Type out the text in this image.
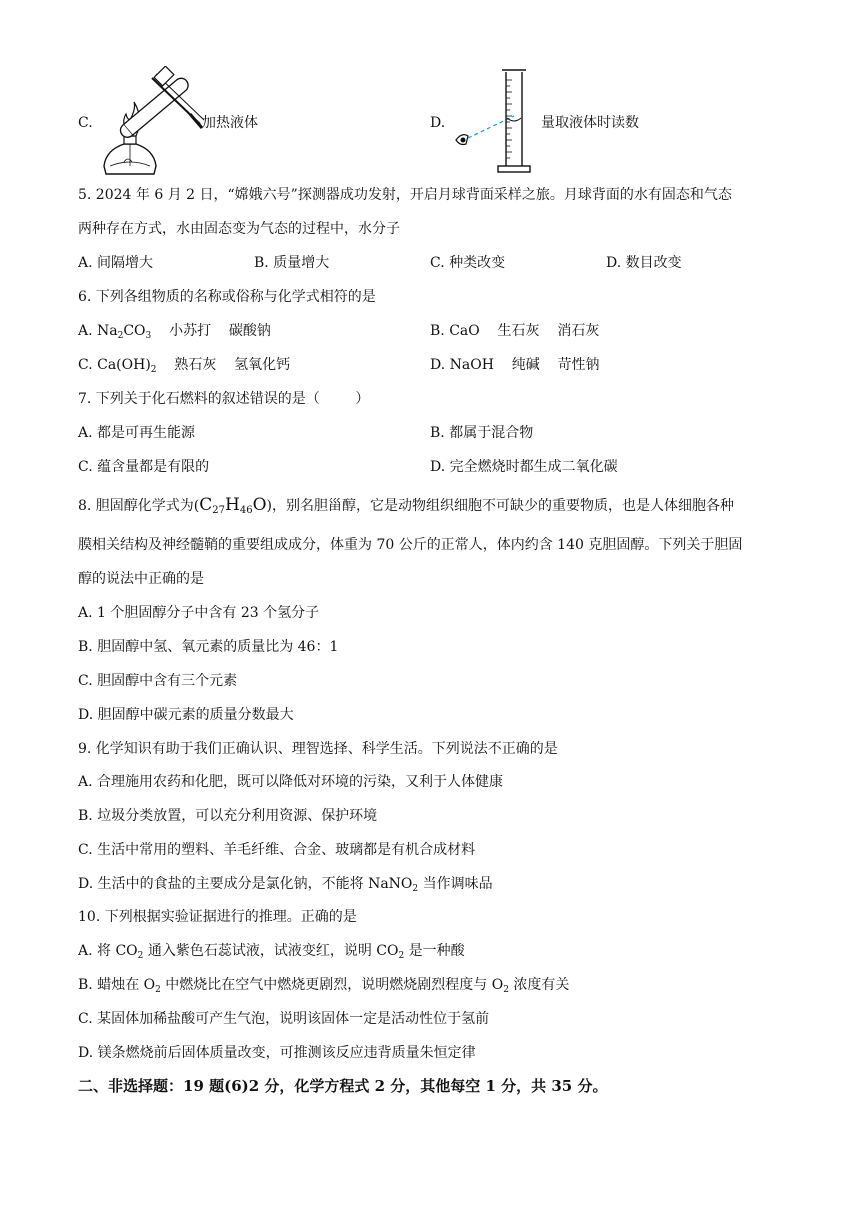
C.	加热液体	D.	量取液体时读数
5. 2024 年 6 月 2 日，“嫦娥六号”探测器成功发射，开启月球背面采样之旅。月球背面的水有固态和气态
两种存在方式，水由固态变为气态的过程中，水分子
A. 间隔增大	B. 质量增大	C. 种类改变	D. 数目改变
6. 下列各组物质的名称或俗称与化学式相符的是
A. $Na_2CO_3$    小苏打    碳酸钠	B. CaO    生石灰    消石灰
C. $Ca(OH)_2$    熟石灰    氢氧化钙	D. NaOH    纯碱    苛性钠
7. 下列关于化石燃料的叙述错误的是（        ）
A. 都是可再生能源	B. 都属于混合物
C. 蕴含量都是有限的	D. 完全燃烧时都生成二氧化碳
8. 胆固醇化学式为$(C_{27}H_{46}O)$，别名胆甾醇，它是动物组织细胞不可缺少的重要物质，也是人体细胞各种
膜相关结构及神经髓鞘的重要组成成分，体重为 70 公斤的正常人，体内约含 140 克胆固醇。下列关于胆固
醇的说法中正确的是
A. 1 个胆固醇分子中含有 23 个氢分子
B. 胆固醇中氢、氧元素的质量比为 46：1
C. 胆固醇中含有三个元素
D. 胆固醇中碳元素的质量分数最大
9. 化学知识有助于我们正确认识、理智选择、科学生活。下列说法不正确的是
A. 合理施用农药和化肥，既可以降低对环境的污染，又利于人体健康
B. 垃圾分类放置，可以充分利用资源、保护环境
C. 生活中常用的塑料、羊毛纤维、合金、玻璃都是有机合成材料
D. 生活中的食盐的主要成分是氯化钠，不能将 NaNO$_2$ 当作调味品
10. 下列根据实验证据进行的推理。正确的是
A. 将 $CO_2$ 通入紫色石蕊试液，试液变红，说明 $CO_2$ 是一种酸
B. 蜡烛在 $O_2$ 中燃烧比在空气中燃烧更剧烈，说明燃烧剧烈程度与 $O_2$ 浓度有关
C. 某固体加稀盐酸可产生气泡，说明该固体一定是活动性位于氢前
D. 镁条燃烧前后固体质量改变，可推测该反应违背质量朱恒定律
二、非选择题：19 题(6)2 分，化学方程式 2 分，其他每空 1 分，共 35 分。
